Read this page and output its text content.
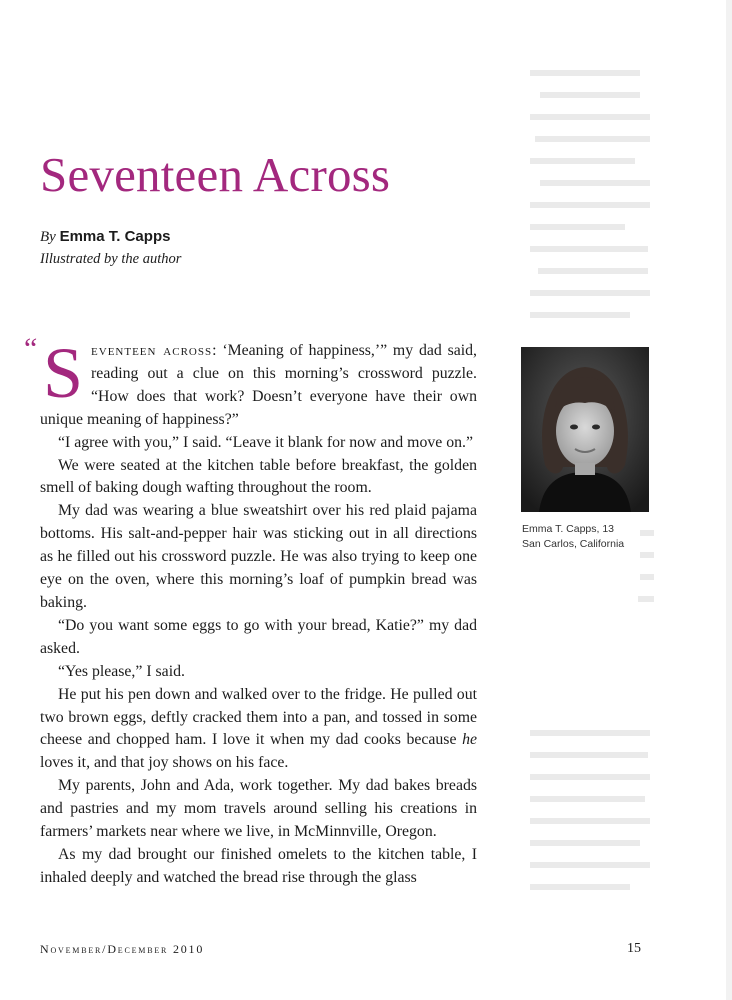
Seventeen Across
By Emma T. Capps
Illustrated by the author
“ Seventeen across: ‘Meaning of happiness,’” my dad said, reading out a clue on this morning’s crossword puzzle. “How does that work? Doesn’t everyone have their own unique meaning of happiness?”

“I agree with you,” I said. “Leave it blank for now and move on.”

We were seated at the kitchen table before breakfast, the golden smell of baking dough wafting throughout the room.

My dad was wearing a blue sweatshirt over his red plaid pajama bottoms. His salt-and-pepper hair was sticking out in all directions as he filled out his crossword puzzle. He was also trying to keep one eye on the oven, where this morning’s loaf of pumpkin bread was baking.

“Do you want some eggs to go with your bread, Katie?” my dad asked.

“Yes please,” I said.

He put his pen down and walked over to the fridge. He pulled out two brown eggs, deftly cracked them into a pan, and tossed in some cheese and chopped ham. I love it when my dad cooks because he loves it, and that joy shows on his face.

My parents, John and Ada, work together. My dad bakes breads and pastries and my mom travels around selling his creations in farmers’ markets near where we live, in McMinnville, Oregon.

As my dad brought our finished omelets to the kitchen table, I inhaled deeply and watched the bread rise through the glass

Emma T. Capps, 13
San Carlos, California
November/December 2010	15
